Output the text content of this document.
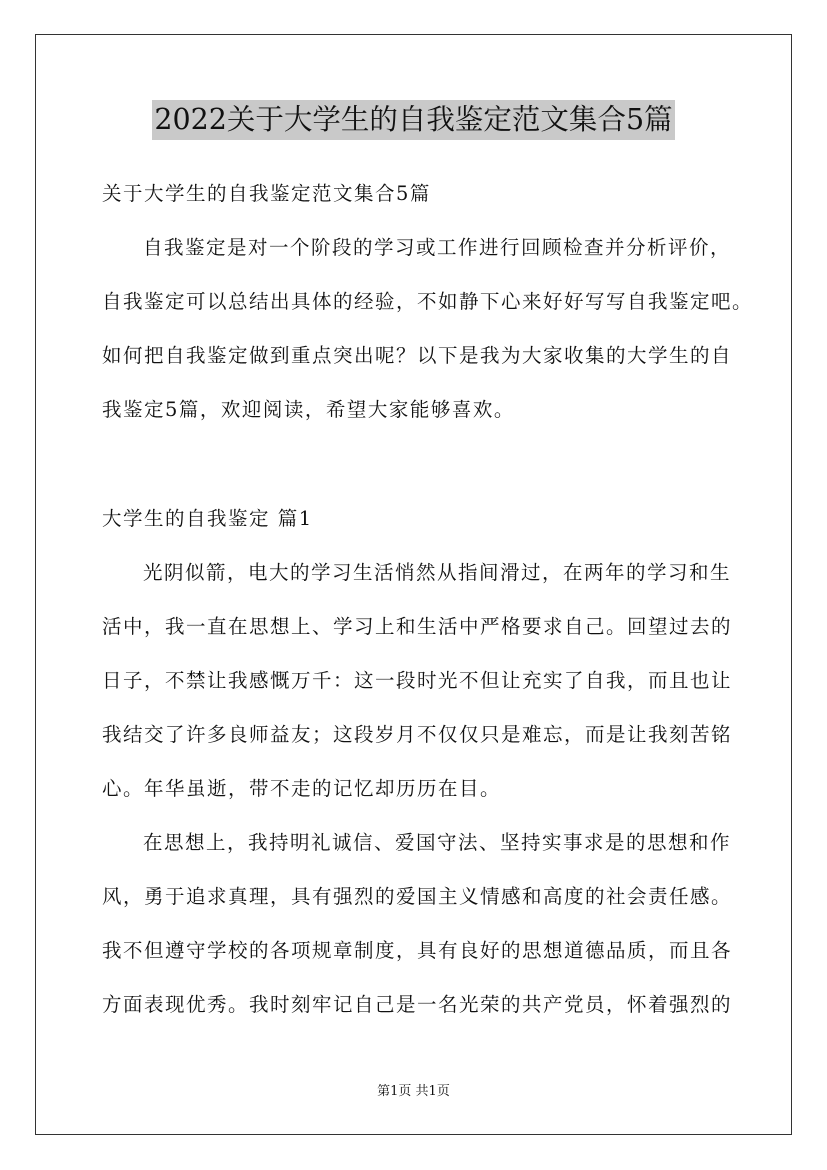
2022关于大学生的自我鉴定范文集合5篇
关于大学生的自我鉴定范文集合5篇
自我鉴定是对一个阶段的学习或工作进行回顾检查并分析评价，
自我鉴定可以总结出具体的经验，不如静下心来好好写写自我鉴定吧。
如何把自我鉴定做到重点突出呢？以下是我为大家收集的大学生的自
我鉴定5篇，欢迎阅读，希望大家能够喜欢。
大学生的自我鉴定 篇1
光阴似箭，电大的学习生活悄然从指间滑过，在两年的学习和生
活中，我一直在思想上、学习上和生活中严格要求自己。回望过去的
日子，不禁让我感慨万千：这一段时光不但让充实了自我，而且也让
我结交了许多良师益友；这段岁月不仅仅只是难忘，而是让我刻苦铭
心。年华虽逝，带不走的记忆却历历在目。
在思想上，我持明礼诚信、爱国守法、坚持实事求是的思想和作
风，勇于追求真理，具有强烈的爱国主义情感和高度的社会责任感。
我不但遵守学校的各项规章制度，具有良好的思想道德品质，而且各
方面表现优秀。我时刻牢记自己是一名光荣的共产党员，怀着强烈的
第1页 共1页
